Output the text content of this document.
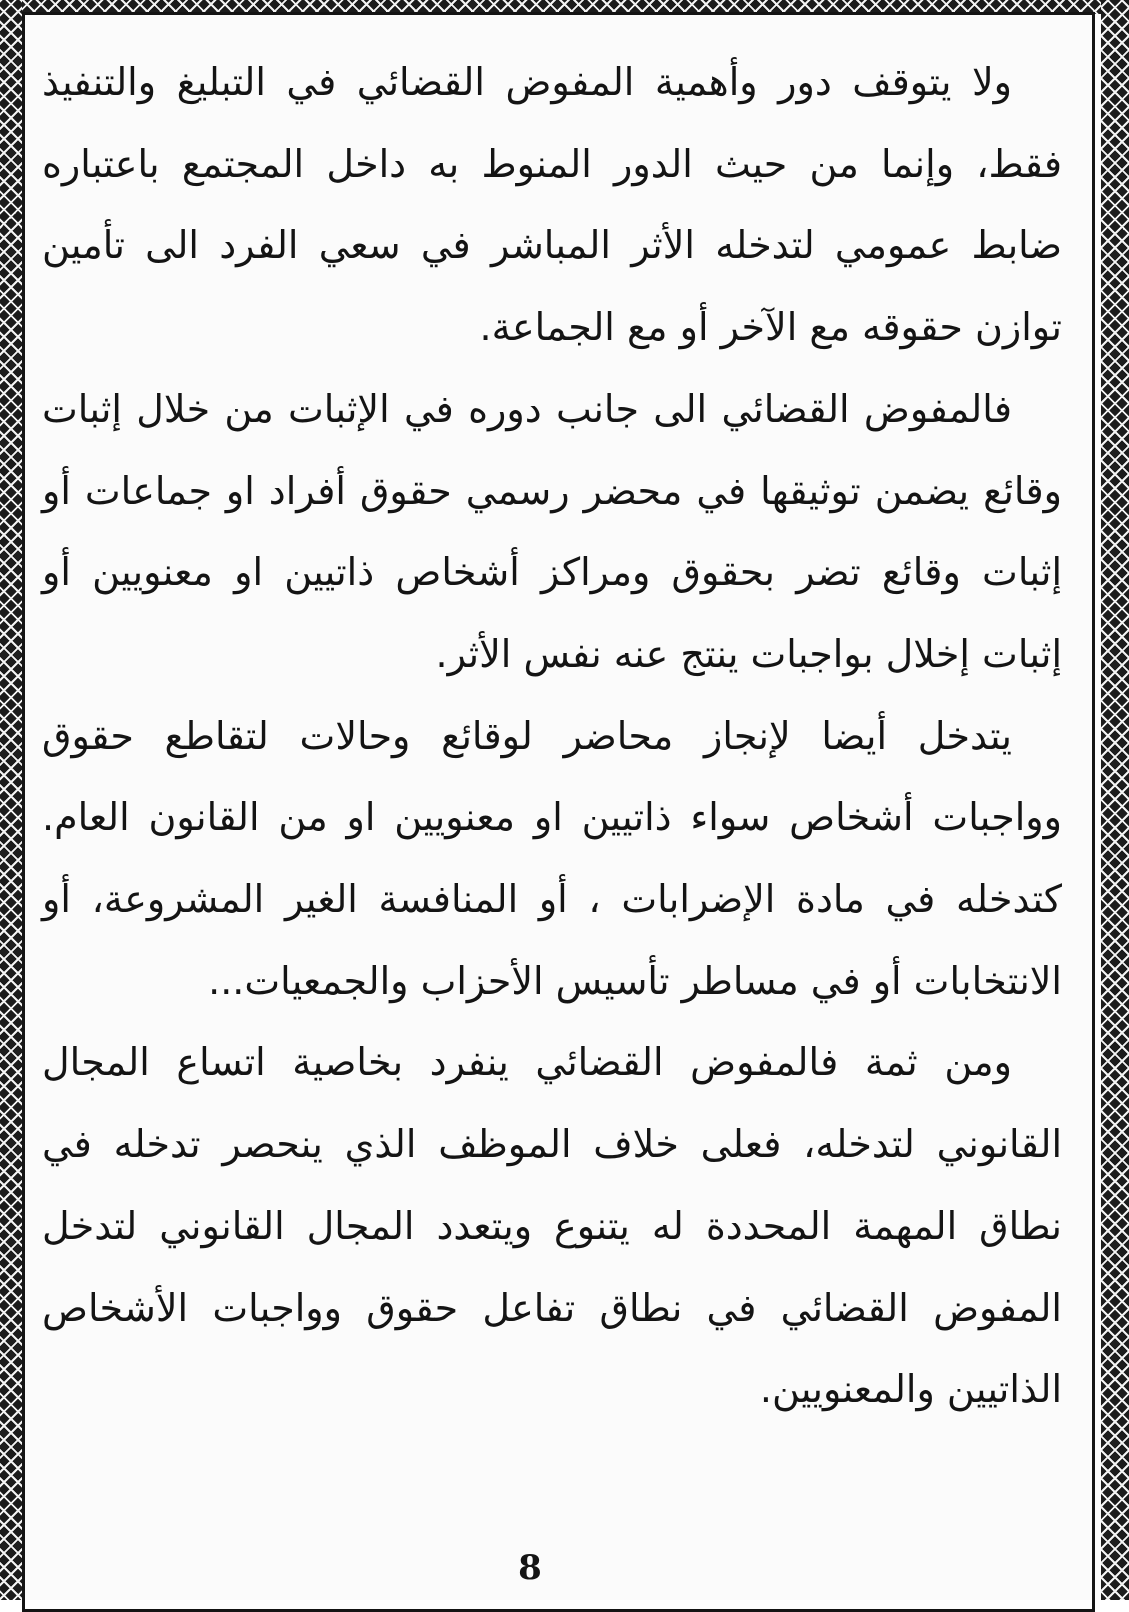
ولا يتوقف دور وأهمية المفوض القضائي في التبليغ والتنفيذ فقط، وإنما من حيث الدور المنوط به داخل المجتمع باعتباره ضابط عمومي لتدخله الأثر المباشر في سعي الفرد الى تأمين توازن حقوقه مع الآخر أو مع الجماعة.

فالمفوض القضائي الى جانب دوره في الإثبات من خلال إثبات وقائع يضمن توثيقها في محضر رسمي حقوق أفراد او جماعات أو إثبات وقائع تضر بحقوق ومراكز أشخاص ذاتيين او معنويين أو إثبات إخلال بواجبات ينتج عنه نفس الأثر.

يتدخل أيضا لإنجاز محاضر لوقائع وحالات لتقاطع حقوق وواجبات أشخاص سواء ذاتيين او معنويين او من القانون العام. كتدخله في مادة الإضرابات ، أو المنافسة الغير المشروعة، أو الانتخابات أو في مساطر تأسيس الأحزاب والجمعيات...

ومن ثمة فالمفوض القضائي ينفرد بخاصية اتساع المجال القانوني لتدخله، فعلى خلاف الموظف الذي ينحصر تدخله في نطاق المهمة المحددة له يتنوع ويتعدد المجال القانوني لتدخل المفوض القضائي في نطاق تفاعل حقوق وواجبات الأشخاص الذاتيين والمعنويين.

8
